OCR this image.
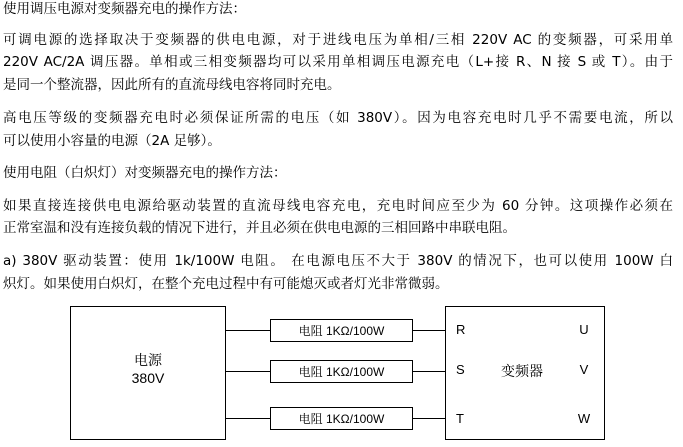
使用调压电源对变频器充电的操作方法：
可调电源的选择取决于变频器的供电电源，对于进线电压为单相/三相 220V AC 的变频器，可采用单
220V AC/2A 调压器。单相或三相变频器均可以采用单相调压电源充电（L+接 R、N 接 S 或 T）。由于
是同一个整流器，因此所有的直流母线电容将同时充电。
高电压等级的变频器充电时必须保证所需的电压（如 380V）。因为电容充电时几乎不需要电流，所以
可以使用小容量的电源（2A 足够）。
使用电阻（白炽灯）对变频器充电的操作方法：
如果直接连接供电电源给驱动装置的直流母线电容充电，充电时间应至少为 60 分钟。这项操作必须在
正常室温和没有连接负载的情况下进行，并且必须在供电电源的三相回路中串联电阻。
a) 380V 驱动装置：使用 1k/100W 电阻。 在电源电压不大于 380V 的情况下，也可以使用 100W 白
炽灯。如果使用白炽灯，在整个充电过程中有可能熄灭或者灯光非常微弱。
电源
380V
电阻 1KΩ/100W
电阻 1KΩ/100W
电阻 1KΩ/100W
R
S
T
变频器
U
V
W
